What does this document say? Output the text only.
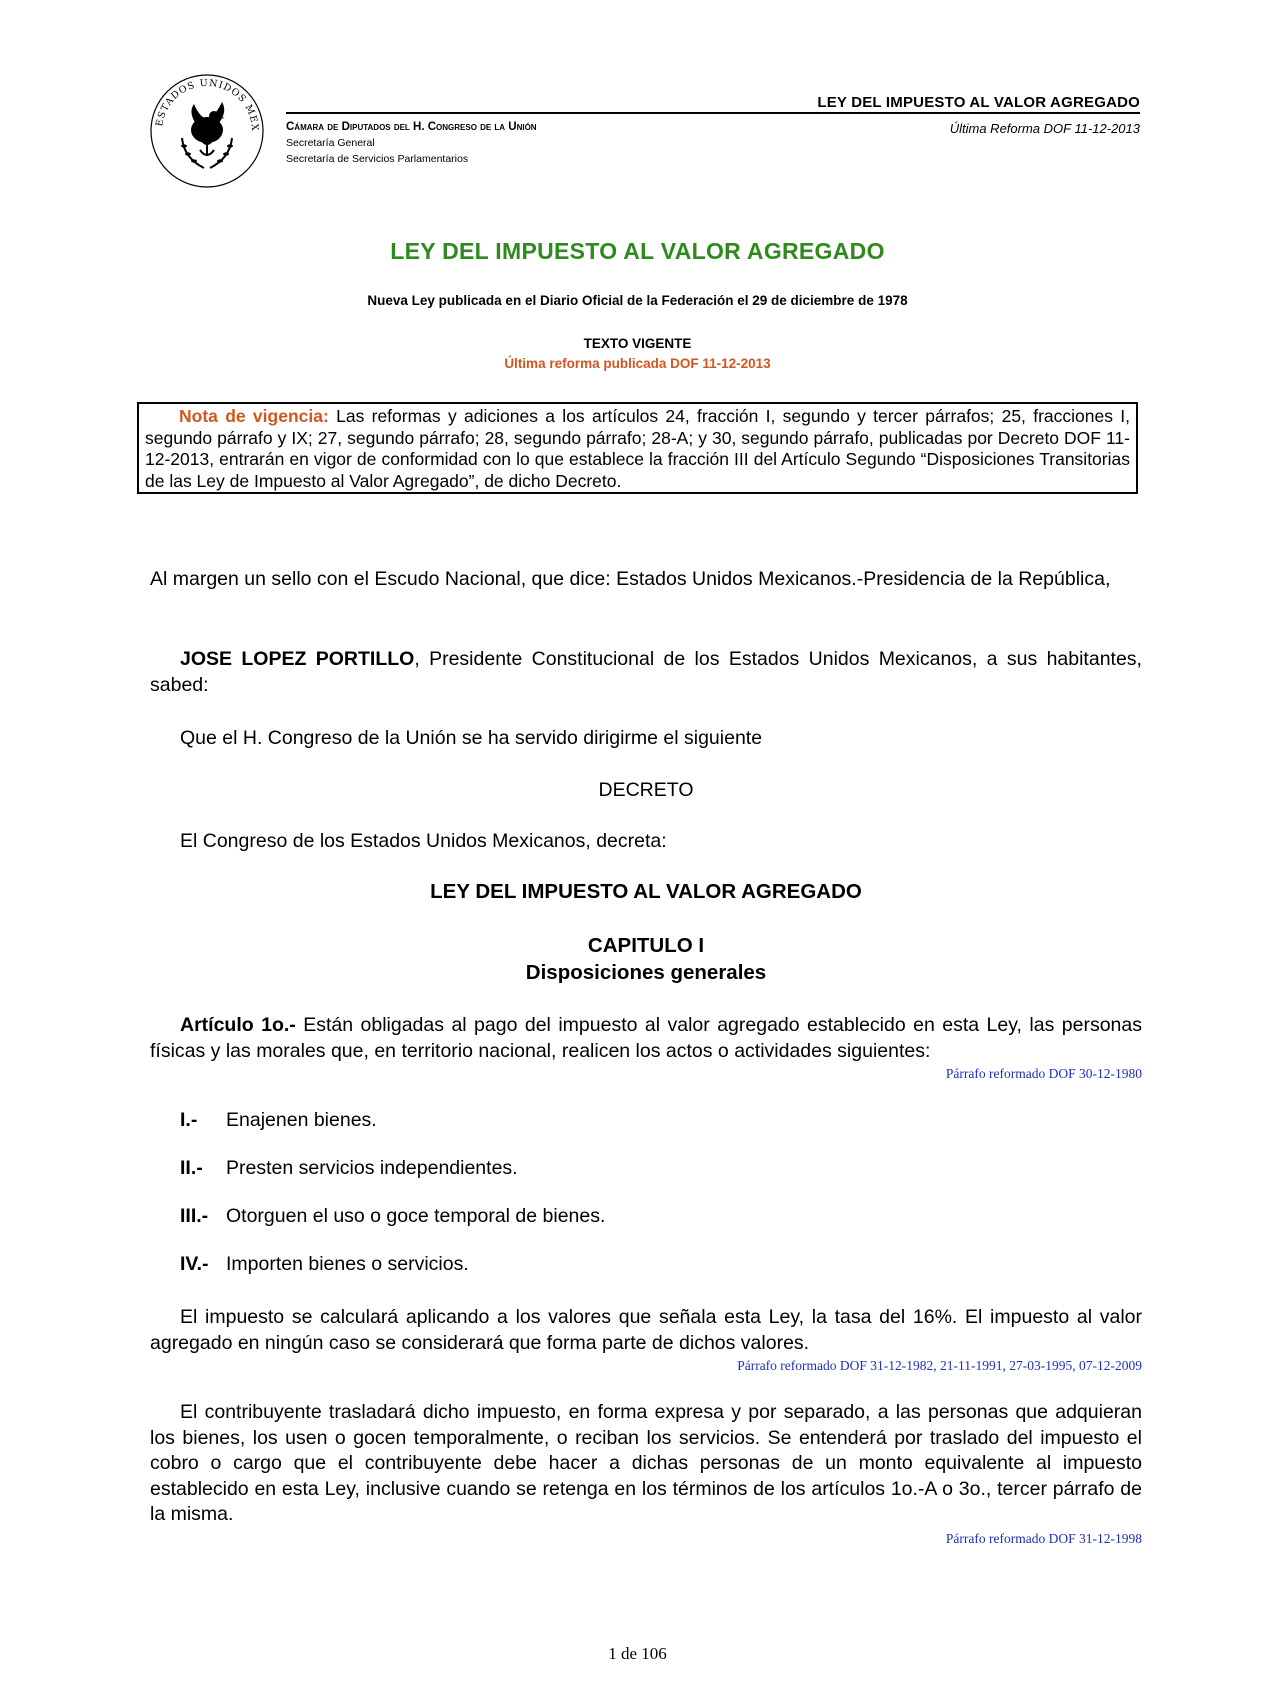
ESTADOS UNIDOS MEX
LEY DEL IMPUESTO AL VALOR AGREGADO
Cámara de Diputados del H. Congreso de la Unión
Secretaría General
Secretaría de Servicios Parlamentarios
Última Reforma DOF 11-12-2013
LEY DEL IMPUESTO AL VALOR AGREGADO
Nueva Ley publicada en el Diario Oficial de la Federación el 29 de diciembre de 1978
TEXTO VIGENTE
Última reforma publicada DOF 11-12-2013

Nota de vigencia: Las reformas y adiciones a los artículos 24, fracción I, segundo y tercer párrafos; 25, fracciones I, segundo párrafo y IX; 27, segundo párrafo; 28, segundo párrafo; 28-A; y 30, segundo párrafo, publicadas por Decreto DOF 11-12-2013, entrarán en vigor de conformidad con lo que establece la fracción III del Artículo Segundo “Disposiciones Transitorias de las Ley de Impuesto al Valor Agregado”, de dicho Decreto.

Al margen un sello con el Escudo Nacional, que dice: Estados Unidos Mexicanos.-Presidencia de la República,

JOSE LOPEZ PORTILLO, Presidente Constitucional de los Estados Unidos Mexicanos, a sus habitantes, sabed:

Que el H. Congreso de la Unión se ha servido dirigirme el siguiente

DECRETO

El Congreso de los Estados Unidos Mexicanos, decreta:

LEY DEL IMPUESTO AL VALOR AGREGADO
CAPITULO I
Disposiciones generales

Artículo 1o.- Están obligadas al pago del impuesto al valor agregado establecido en esta Ley, las personas físicas y las morales que, en territorio nacional, realicen los actos o actividades siguientes:

Párrafo reformado DOF 30-12-1980
I.- Enajenen bienes.
II.- Presten servicios independientes.
III.- Otorguen el uso o goce temporal de bienes.
IV.- Importen bienes o servicios.

El impuesto se calculará aplicando a los valores que señala esta Ley, la tasa del 16%. El impuesto al valor agregado en ningún caso se considerará que forma parte de dichos valores.

Párrafo reformado DOF 31-12-1982, 21-11-1991, 27-03-1995, 07-12-2009

El contribuyente trasladará dicho impuesto, en forma expresa y por separado, a las personas que adquieran los bienes, los usen o gocen temporalmente, o reciban los servicios. Se entenderá por traslado del impuesto el cobro o cargo que el contribuyente debe hacer a dichas personas de un monto equivalente al impuesto establecido en esta Ley, inclusive cuando se retenga en los términos de los artículos 1o.-A o 3o., tercer párrafo de la misma.

Párrafo reformado DOF 31-12-1998
1 de 106
